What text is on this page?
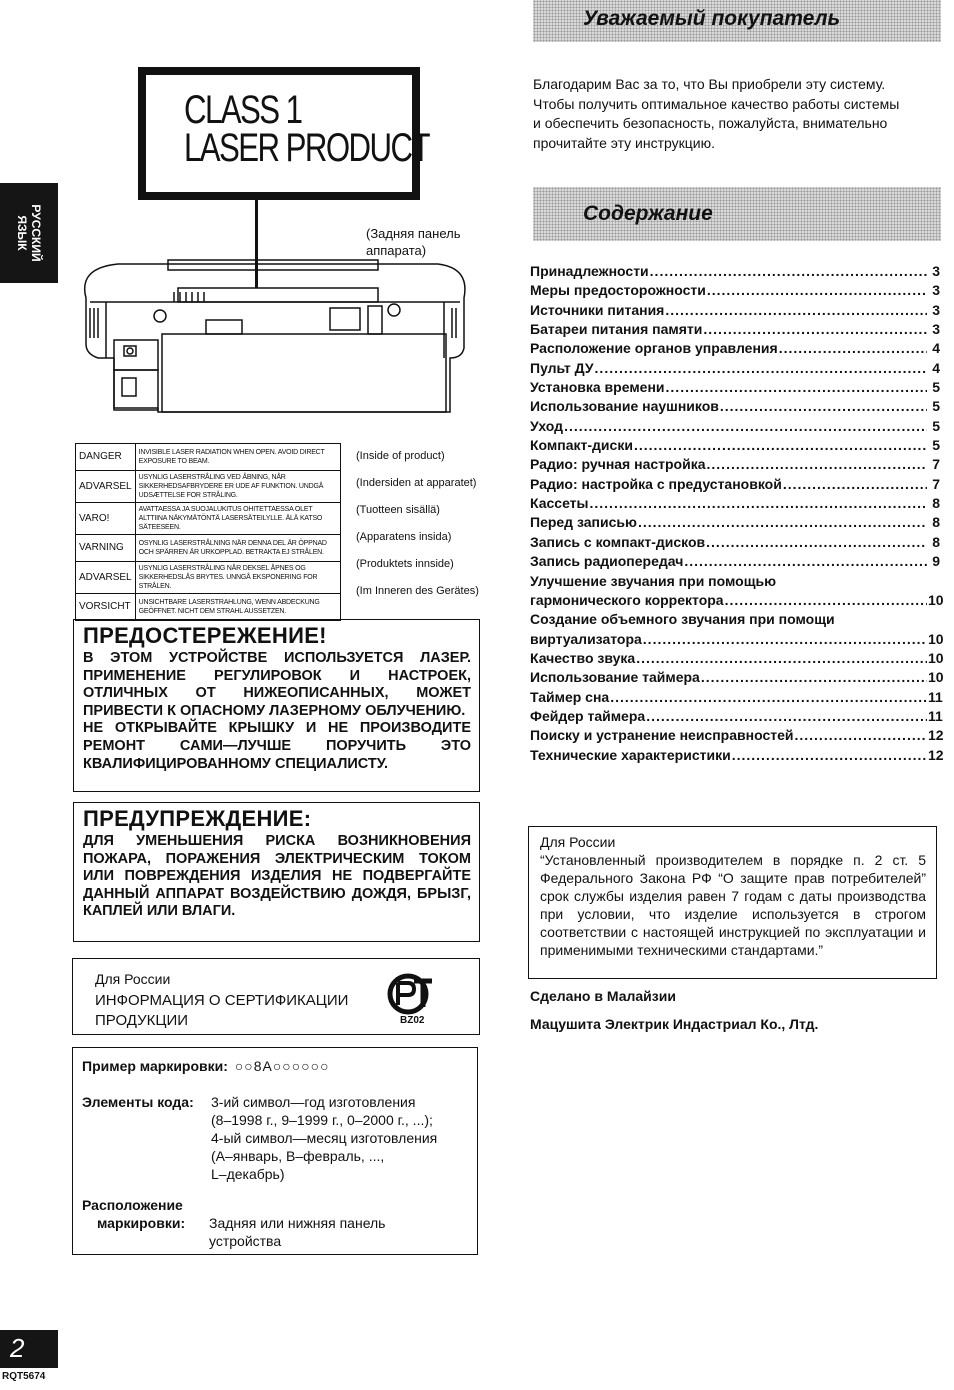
РУССКИЙ
ЯЗЫК
CLASS 1
LASER PRODUCT
(Задняя панель аппарата)
DANGER	INVISIBLE LASER RADIATION WHEN OPEN. AVOID DIRECT EXPOSURE TO BEAM.
ADVARSEL	USYNLIG LASERSTRÅLING VED ÅBNING, NÅR SIKKERHEDSAFBRYDERE ER UDE AF FUNKTION. UNDGÅ UDSÆTTELSE FOR STRÅLING.
VARO!	AVATTAESSA JA SUOJALUKITUS OHITETTAESSA OLET ALTTIINA NÄKYMÄTÖNTÄ LASERSÄTEILYLLE. ÄLÄ KATSO SÄTEESEEN.
VARNING	OSYNLIG LASERSTRÅLNING NÄR DENNA DEL ÄR ÖPPNAD OCH SPÄRREN ÄR URKOPPLAD. BETRAKTA EJ STRÅLEN.
ADVARSEL	USYNLIG LASERSTRÅLING NÅR DEKSEL ÅPNES OG SIKKERHEDSLÅS BRYTES. UNNGÅ EKSPONERING FOR STRÅLEN.
VORSICHT	UNSICHTBARE LASERSTRAHLUNG, WENN ABDECKUNG GEÖFFNET. NICHT DEM STRAHL AUSSETZEN.
(Inside of product)
(Indersiden at apparatet)
(Tuotteen sisällä)
(Apparatens insida)
(Produktets innside)
(Im Inneren des Gerätes)
ПРЕДОСТЕРЕЖЕНИЕ!

В ЭТОМ УСТРОЙСТВЕ ИСПОЛЬЗУЕТСЯ ЛАЗЕР. ПРИМЕНЕНИЕ РЕГУЛИРОВОК И НАСТРОЕК, ОТЛИЧНЫХ ОТ НИЖЕОПИСАННЫХ, МОЖЕТ ПРИВЕСТИ К ОПАСНОМУ ЛАЗЕРНОМУ ОБЛУЧЕНИЮ.

НЕ ОТКРЫВАЙТЕ КРЫШКУ И НЕ ПРОИЗВОДИТЕ РЕМОНТ САМИ—ЛУЧШЕ ПОРУЧИТЬ ЭТО КВАЛИФИЦИРОВАННОМУ СПЕЦИАЛИСТУ.

ПРЕДУПРЕЖДЕНИЕ:

ДЛЯ УМЕНЬШЕНИЯ РИСКА ВОЗНИКНОВЕНИЯ ПОЖАРА, ПОРАЖЕНИЯ ЭЛЕКТРИЧЕСКИМ ТОКОМ ИЛИ ПОВРЕЖДЕНИЯ ИЗДЕЛИЯ НЕ ПОДВЕРГАЙТЕ ДАННЫЙ АППАРАТ ВОЗДЕЙСТВИЮ ДОЖДЯ, БРЫЗГ, КАПЛЕЙ ИЛИ ВЛАГИ.

Для России
ИНФОРМАЦИЯ О СЕРТИФИКАЦИИ
ПРОДУКЦИИ	BZ02
Пример маркировки: ○○8A○○○○○○
Элементы кода: 3-ий символ—год изготовления
(8–1998 г., 9–1999 г., 0–2000 г., ...);
4-ый символ—месяц изготовления
(A–январь, B–февраль, ...,
L–декабрь)
Расположение
маркировки: Задняя или нижняя панель
устройства
Уважаемый покупатель
Благодарим Вас за то, что Вы приобрели эту систему.
Чтобы получить оптимальное качество работы системы
и обеспечить безопасность, пожалуйста, внимательно
прочитайте эту инструкцию.
Содержание
Принадлежности .....	3
Меры предосторожности .....	3
Источники питания .....	3
Батареи питания памяти .....	3
Расположение органов управления .....	4
Пульт ДУ .....	4
Установка времени .....	5
Использование наушников .....	5
Уход .....	5
Компакт-диски .....	5
Радио: ручная настройка .....	7
Радио: настройка с предустановкой .....	7
Кассеты .....	8
Перед записью .....	8
Запись с компакт-дисков .....	8
Запись радиопередач .....	9
Улучшение звучания при помощью
гармонического корректора .....	10
Создание объемного звучания при помощи
виртуализатора .....	10
Качество звука .....	10
Использование таймера .....	10
Таймер сна .....	11
Фейдер таймера .....	11
Поиску и устранение неисправностей .....	12
Технические характеристики .....	12
Для России
“Установленный производителем в порядке п. 2 ст. 5 Федерального Закона РФ “О защите прав потребителей” срок службы изделия равен 7 годам с даты производства при условии, что изделие используется в строгом соответствии с настоящей инструкцией по эксплуатации и применимыми техническими стандартами.”
Сделано в Малайзии
Мацушита Электрик Индастриал Ко., Лтд.
2
RQT5674
